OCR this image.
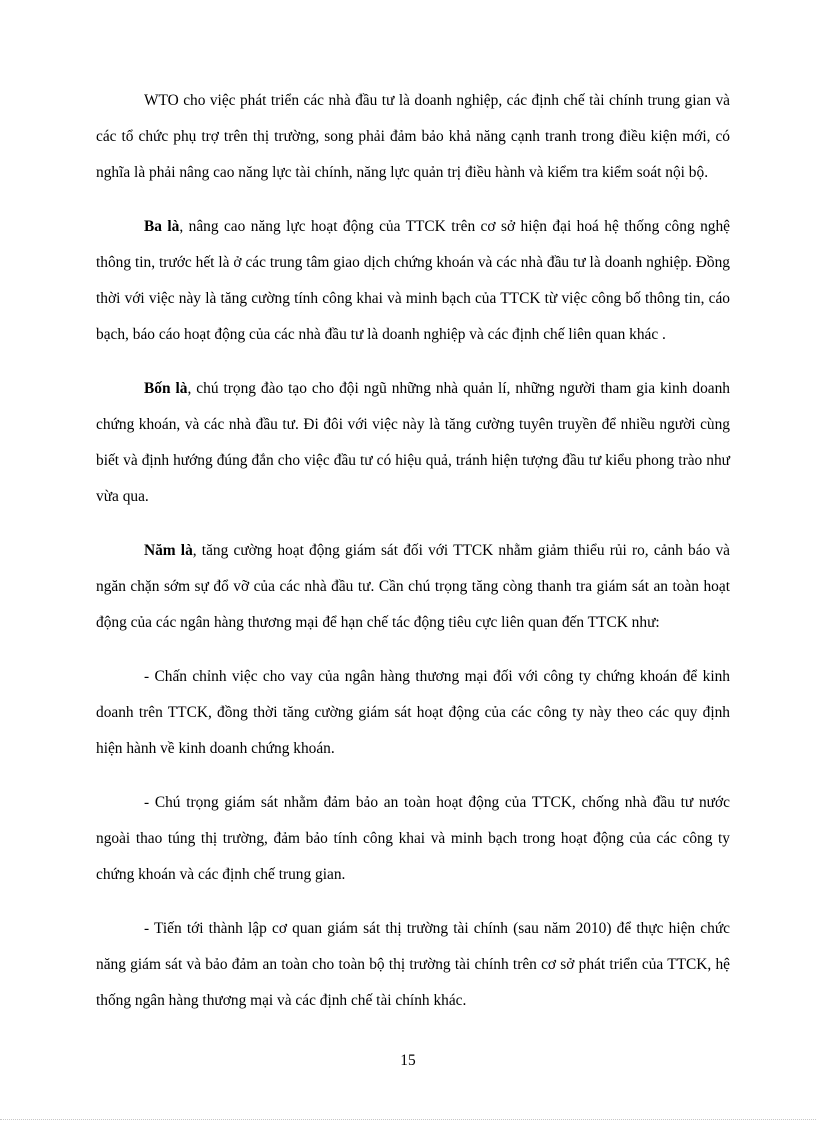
WTO cho việc phát triển các nhà đầu tư là doanh nghiệp, các định chế tài chính trung gian và các tổ chức phụ trợ trên thị trường, song phải đảm bảo khả năng cạnh tranh trong điều kiện mới, có nghĩa là phải nâng cao năng lực tài chính, năng lực quản trị điều hành và kiểm tra kiểm soát nội bộ.

Ba là, nâng cao năng lực hoạt động của TTCK trên cơ sở hiện đại hoá hệ thống công nghệ thông tin, trước hết là ở các trung tâm giao dịch chứng khoán và các nhà đầu tư là doanh nghiệp. Đồng thời với việc này là tăng cường tính công khai và minh bạch của TTCK từ việc công bố thông tin, cáo bạch, báo cáo hoạt động của các nhà đầu tư là doanh nghiệp và các định chế liên quan khác .

Bốn là, chú trọng đào tạo cho đội ngũ những nhà quản lí, những người tham gia kinh doanh chứng khoán, và các nhà đầu tư. Đi đôi với việc này là tăng cường tuyên truyền để nhiều người cùng biết và định hướng đúng đắn cho việc đầu tư có hiệu quả, tránh hiện tượng đầu tư kiểu phong trào như vừa qua.

Năm là, tăng cường hoạt động giám sát đối với TTCK nhằm giảm thiểu rủi ro, cảnh báo và ngăn chặn sớm sự đổ vỡ của các nhà đầu tư. Cần chú trọng tăng còng thanh tra giám sát an toàn hoạt động của các ngân hàng thương mại để hạn chế tác động tiêu cực liên quan đến TTCK như:

- Chấn chỉnh việc cho vay của ngân hàng thương mại đối với công ty chứng khoán để kinh doanh trên TTCK, đồng thời tăng cường giám sát hoạt động của các công ty này theo các quy định hiện hành về kinh doanh chứng khoán.

- Chú trọng giám sát nhằm đảm bảo an toàn hoạt động của TTCK, chống nhà đầu tư nước ngoài thao túng thị trường, đảm bảo tính công khai và minh bạch trong hoạt động của các công ty chứng khoán và các định chế trung gian.

- Tiến tới thành lập cơ quan giám sát thị trường tài chính (sau năm 2010) để thực hiện chức năng giám sát và bảo đảm an toàn cho toàn bộ thị trường tài chính trên cơ sở phát triển của TTCK, hệ thống ngân hàng thương mại và các định chế tài chính khác.

15
